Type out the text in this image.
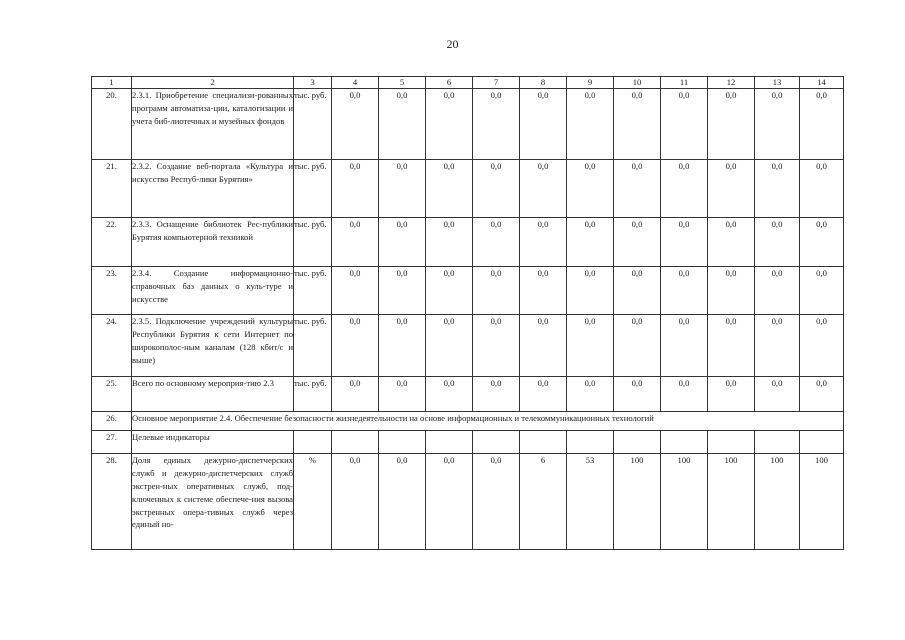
20
1	2	3	4	5	6	7	8	9	10	11	12	13	14
20.	2.3.1. Приобретение специализи-рованных программ автоматиза-ции, каталогизации и учета биб-лиотечных и музейных фондов	тыс. руб.	0,0	0,0	0,0	0,0	0,0	0,0	0,0	0,0	0,0	0,0	0,0
21.	2.3.2. Создание веб-портала «Культура и искусство Респуб-лики Бурятия»	тыс. руб.	0,0	0,0	0,0	0,0	0,0	0,0	0,0	0,0	0,0	0,0	0,0
22.	2.3.3. Оснащение библиотек Рес-публики Бурятия компьютерной техникой	тыс. руб.	0,0	0,0	0,0	0,0	0,0	0,0	0,0	0,0	0,0	0,0	0,0
23.	2.3.4. Создание информационно-справочных баз данных о куль-туре и искусстве	тыс. руб.	0,0	0,0	0,0	0,0	0,0	0,0	0,0	0,0	0,0	0,0	0,0
24.	2.3.5. Подключение учреждений культуры Республики Бурятия к сети Интернет по широкополос-ным каналам (128 кбит/с и выше)	тыс. руб.	0,0	0,0	0,0	0,0	0,0	0,0	0,0	0,0	0,0	0,0	0,0
25.	Всего по основному мероприя-тию 2.3	тыс. руб.	0,0	0,0	0,0	0,0	0,0	0,0	0,0	0,0	0,0	0,0	0,0
26.	Основное мероприятие 2.4. Обеспечение безопасности жизнедеятельности на основе информационных и телекоммуникационных технологий												
27.	Целевые индикаторы												
28.	Доля единых дежурно-диспетчерских служб и дежурно-диспетчерских служб экстрен-ных оперативных служб, под-ключенных к системе обеспече-ния вызова экстренных опера-тивных служб через единый но-	%	0,0	0,0	0,0	0,0	6	53	100	100	100	100	100
